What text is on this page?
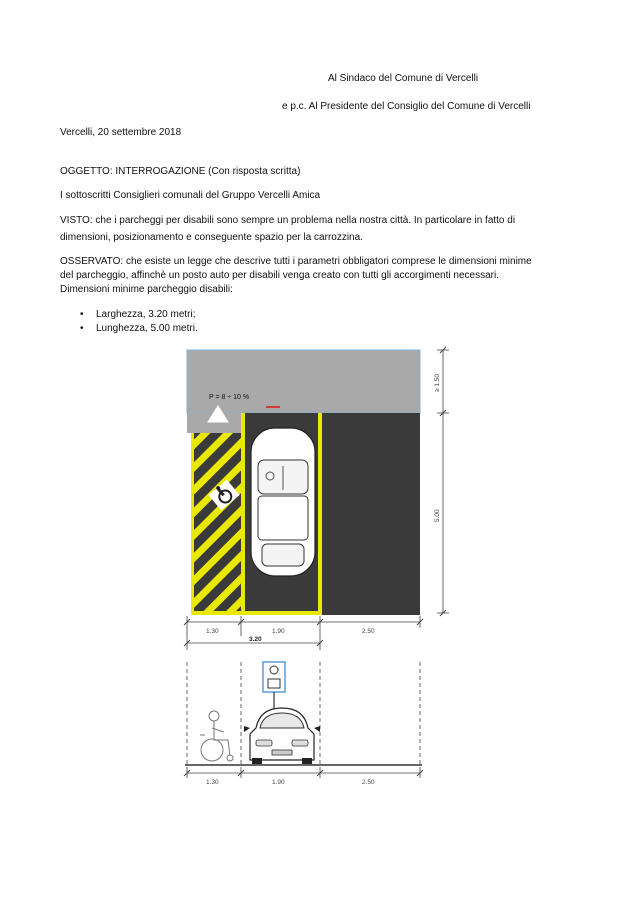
Al Sindaco del Comune di Vercelli
e p.c. Al Presidente del Consiglio del Comune di Vercelli
Vercelli, 20 settembre 2018
OGGETTO: INTERROGAZIONE (Con risposta scritta)
I sottoscritti Consiglieri comunali del Gruppo Vercelli Amica
VISTO: che i parcheggi per disabili sono sempre un problema nella nostra città. In particolare in fatto di
dimensioni, posizionamento e conseguente spazio per la carrozzina.
OSSERVATO: che esiste un legge che descrive tutti i parametri obbligatori comprese le dimensioni minime
del parcheggio, affinchè un posto auto per disabili venga creato con tutti gli accorgimenti necessari.
Dimensioni minime parcheggio disabili:
• Larghezza, 3.20 metri;
• Lunghezza, 5.00 metri.
P = 8 ÷ 10 %
≥ 1.50
5.00
1.30	1.90	2.50
3.20
1.30	1.90	2.50
